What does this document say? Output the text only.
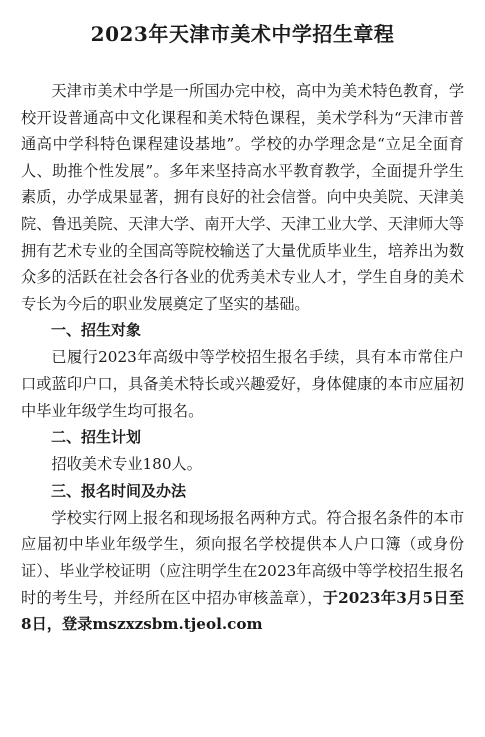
2023年天津市美术中学招生章程

天津市美术中学是一所国办完中校，高中为美术特色教育，学校开设普通高中文化课程和美术特色课程，美术学科为“天津市普通高中学科特色课程建设基地”。学校的办学理念是“立足全面育人、助推个性发展”。多年来坚持高水平教育教学，全面提升学生素质，办学成果显著，拥有良好的社会信誉。向中央美院、天津美院、鲁迅美院、天津大学、南开大学、天津工业大学、天津师大等拥有艺术专业的全国高等院校输送了大量优质毕业生，培养出为数众多的活跃在社会各行各业的优秀美术专业人才，学生自身的美术专长为今后的职业发展奠定了坚实的基础。

一、招生对象

已履行2023年高级中等学校招生报名手续，具有本市常住户口或蓝印户口，具备美术特长或兴趣爱好，身体健康的本市应届初中毕业年级学生均可报名。

二、招生计划

招收美术专业180人。

三、报名时间及办法

学校实行网上报名和现场报名两种方式。符合报名条件的本市应届初中毕业年级学生，须向报名学校提供本人户口簿（或身份证）、毕业学校证明（应注明学生在2023年高级中等学校招生报名时的考生号，并经所在区中招办审核盖章），于2023年3月5日至8日，登录mszxzsbm.tjeol.com
